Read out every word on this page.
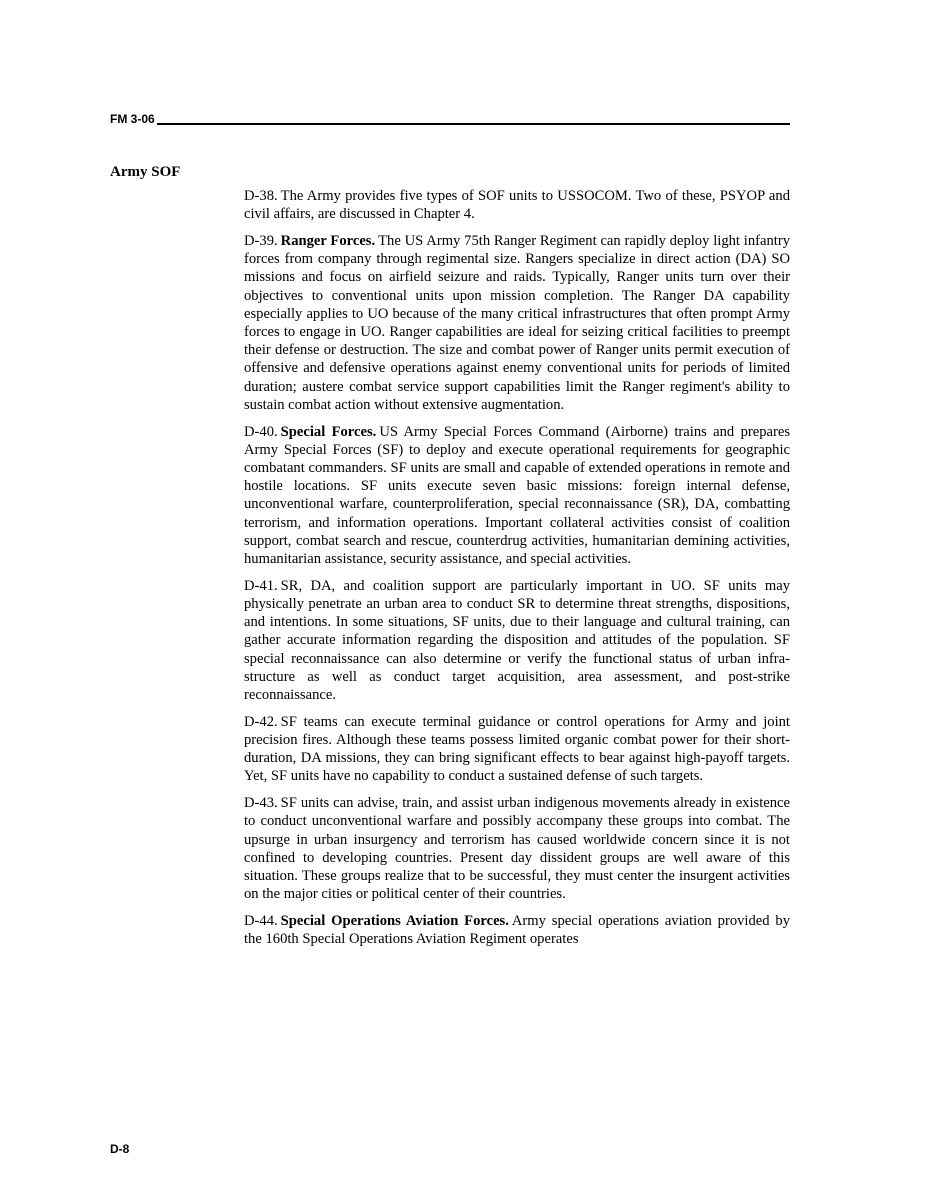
FM 3-06
Army SOF

D-38. The Army provides five types of SOF units to USSOCOM. Two of these, PSYOP and civil affairs, are discussed in Chapter 4.

D-39. Ranger Forces. The US Army 75th Ranger Regiment can rapidly deploy light infantry forces from company through regimental size. Rangers specialize in direct action (DA) SO missions and focus on airfield seizure and raids. Typically, Ranger units turn over their objectives to conventional units upon mission completion. The Ranger DA capability especially applies to UO because of the many critical infrastructures that often prompt Army forces to engage in UO. Ranger capabilities are ideal for seizing critical facilities to preempt their defense or destruction. The size and combat power of Ranger units permit execution of offensive and defensive operations against enemy conventional units for periods of limited duration; austere combat service support capabilities limit the Ranger regiment's ability to sustain combat action without extensive augmentation.

D-40. Special Forces. US Army Special Forces Command (Airborne) trains and prepares Army Special Forces (SF) to deploy and execute operational requirements for geographic combatant commanders. SF units are small and capable of extended operations in remote and hostile locations. SF units execute seven basic missions: foreign internal defense, unconventional warfare, counterproliferation, special reconnaissance (SR), DA, combatting terrorism, and information operations. Important collateral activities consist of coalition support, combat search and rescue, counterdrug activities, humanitarian demining activities, humanitarian assistance, security assistance, and special activities.

D-41. SR, DA, and coalition support are particularly important in UO. SF units may physically penetrate an urban area to conduct SR to determine threat strengths, dispositions, and intentions. In some situations, SF units, due to their language and cultural training, can gather accurate information regarding the disposition and attitudes of the population. SF special reconnaissance can also determine or verify the functional status of urban infrastructure as well as conduct target acquisition, area assessment, and post-strike reconnaissance.

D-42. SF teams can execute terminal guidance or control operations for Army and joint precision fires. Although these teams possess limited organic combat power for their short-duration, DA missions, they can bring significant effects to bear against high-payoff targets. Yet, SF units have no capability to conduct a sustained defense of such targets.

D-43. SF units can advise, train, and assist urban indigenous movements already in existence to conduct unconventional warfare and possibly accompany these groups into combat. The upsurge in urban insurgency and terrorism has caused worldwide concern since it is not confined to developing countries. Present day dissident groups are well aware of this situation. These groups realize that to be successful, they must center the insurgent activities on the major cities or political center of their countries.

D-44. Special Operations Aviation Forces. Army special operations aviation provided by the 160th Special Operations Aviation Regiment operates

D-8
